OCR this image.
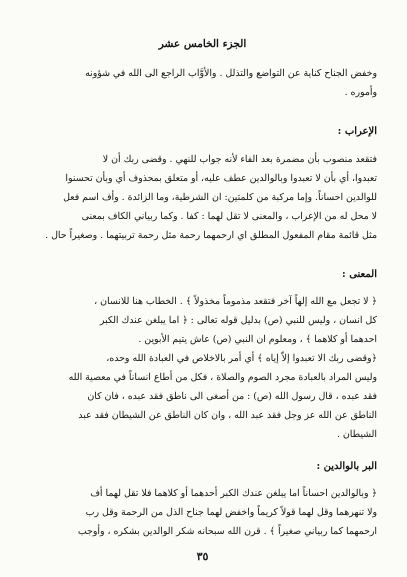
الجزء الخامس عشر
وخفض الجناح كناية عن التواضع والتذلل . والأوَّاب الراجع الى الله في شؤونه
وأموره .
الإعراب :
فتقعد منصوب بأن مضمرة بعد الفاء لأنه جواب للنهي . وقضى ربك أن لا
تعبدوا، أي بأن لا تعبدوا وبالوالدين عطف عليه، أو متعلق بمحذوف أي وبأن تحسنوا
للوالدين احساناً. وإما مركبة من كلمتين: ان الشرطية، وما الزائدة . وأف اسم فعل
لا محل له من الإعراب ، والمعنى لا تقل لهما : كفا . وكما ربياني الكاف بمعنى
مثل قائمة مقام المفعول المطلق اي ارحمهما رحمة مثل رحمة تربيتهما . وصغيراً حال .
المعنى :
﴿ لا تجعل مع الله إلهاً آخر فتقعد مذموماً مخذولاً ﴾ . الخطاب هنا للانسان ،
كل انسان ، وليس للنبي (ص) بدليل قوله تعالى : ﴿ اما يبلغن عندك الكبر
احدهما أو كلاهما ﴾ ، ومعلوم ان النبي (ص) عاش يتيم الأبوين .
﴿وقضى ربك الا تعبدوا إلاّ إياه ﴾ أي أمر بالاخلاص في العبادة الله وحده،
وليس المراد بالعبادة مجرد الصوم والصلاة ، فكل من أطاع انساناً في معصية الله
فقد عبده ، قال رسول الله (ص) : من أصغى الى ناطق فقد عبده ، فان كان
الناطق عن الله عز وجل فقد عبد الله ، وان كان الناطق عن الشيطان فقد عبد
الشيطان .
البر بالوالدين :
﴿ وبالوالدين احساناً اما يبلغن عندك الكبر أحدهما أو كلاهما فلا تقل لهما أف
ولا تنهرهما وقل لهما قولاً كريماً واخفض لهما جناح الذل من الرحمة وقل رب
ارحمهما كما ربياني صغيراً ﴾ . قرن الله سبحانه شكر الوالدين بشكره ، وأوجب
٣٥
